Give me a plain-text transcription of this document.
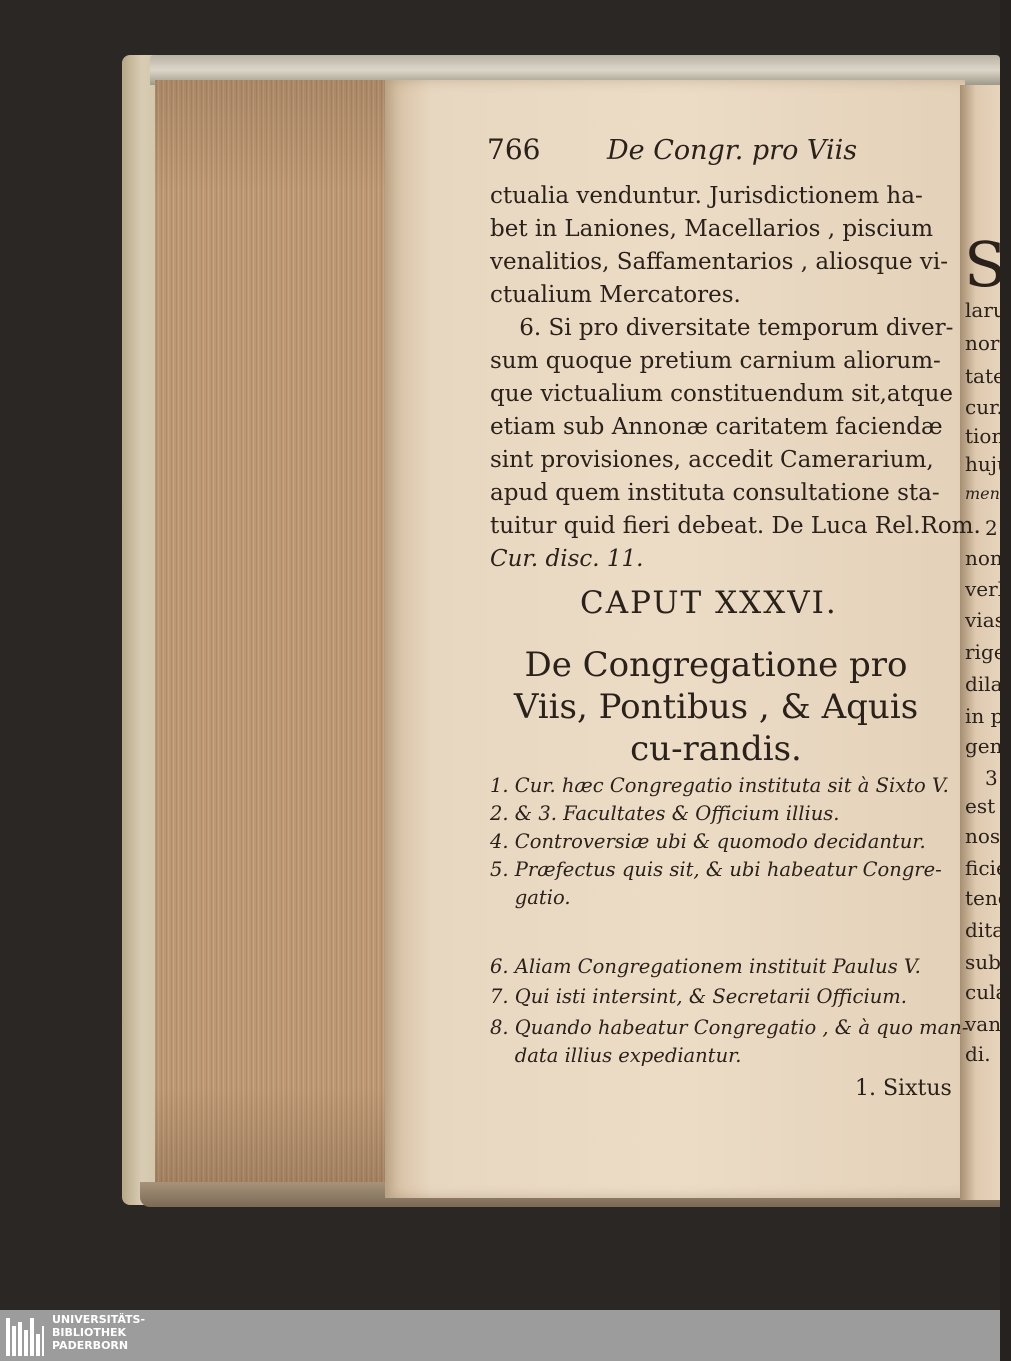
766 De Congr. pro Viis
ctualia venduntur. Jurisdictionem ha-
bet in Laniones, Macellarios , piscium
venalitios, Saffamentarios , aliosque vi-
ctualium Mercatores.
6. Si pro diversitate temporum diver-
sum quoque pretium carnium aliorum-
que victualium constituendum sit,atque
etiam sub Annonæ caritatem faciendæ
sint provisiones, accedit Camerarium,
apud quem instituta consultatione sta-
tuitur quid fieri debeat. De Luca Rel.Rom.
Cur. disc. 11.
CAPUT XXXVI.
De Congregatione pro Viis, Pontibus , & Aquis cu-randis.
1. Cur. hæc Congregatio instituta sit à Sixto V.
2. & 3. Facultates & Officium illius.
4. Controversiæ ubi & quomodo decidantur.
5. Præfectus quis sit, & ubi habeatur Congre-
gatio.
6. Aliam Congregationem instituit Paulus V.
7. Qui isti intersint, & Secretarii Officium.
8. Quando habeatur Congregatio , & à quo man-
data illius expediantur.
1. Sixtus
S
laru
nor
tate
cur.
tion
huju
men
2
non
verl
vias
rige
dilat
in p
gen
3
est
nosc
ficie
tenc
dita
subs
culá
van
di.
UNIVERSITÄTS-
BIBLIOTHEK
PADERBORN
